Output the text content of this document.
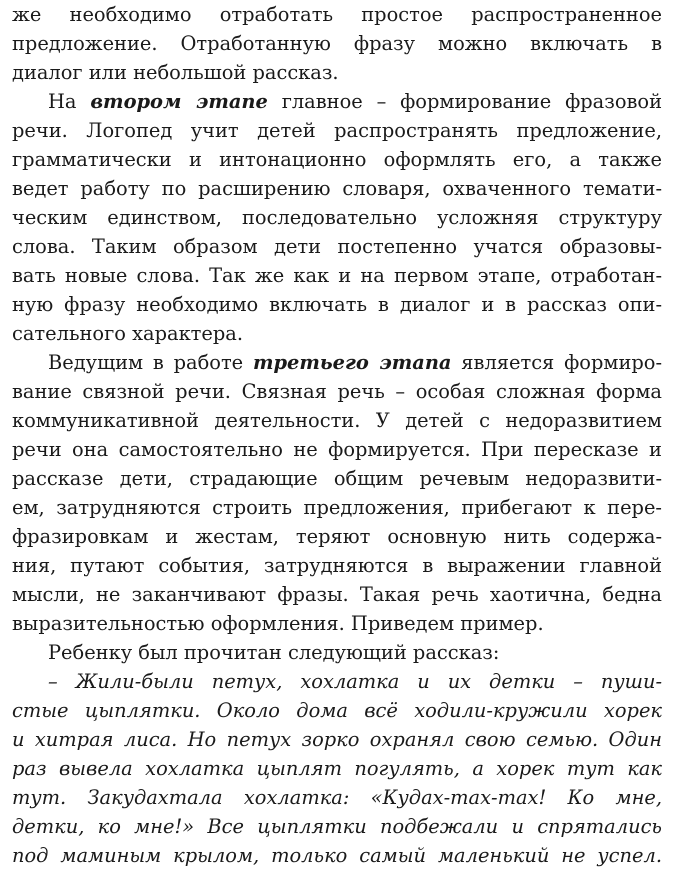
же необходимо отработать простое распространенное
предложение. Отработанную фразу можно включать в
диалог или небольшой рассказ.
На втором этапе главное – формирование фразовой
речи. Логопед учит детей распространять предложение,
грамматически и интонационно оформлять его, а также
ведет работу по расширению словаря, охваченного темати-
ческим единством, последовательно усложняя структуру
слова. Таким образом дети постепенно учатся образовы-
вать новые слова. Так же как и на первом этапе, отработан-
ную фразу необходимо включать в диалог и в рассказ опи-
сательного характера.
Ведущим в работе третьего этапа является формиро-
вание связной речи. Связная речь – особая сложная форма
коммуникативной деятельности. У детей с недоразвитием
речи она самостоятельно не формируется. При пересказе и
рассказе дети, страдающие общим речевым недоразвити-
ем, затрудняются строить предложения, прибегают к пере-
фразировкам и жестам, теряют основную нить содержа-
ния, путают события, затрудняются в выражении главной
мысли, не заканчивают фразы. Такая речь хаотична, бедна
выразительностью оформления. Приведем пример.
Ребенку был прочитан следующий рассказ:
– Жили-были петух, хохлатка и их детки – пуши-
стые цыплятки. Около дома всё ходили-кружили хорек
и хитрая лиса. Но петух зорко охранял свою семью. Один
раз вывела хохлатка цыплят погулять, а хорек тут как
тут. Закудахтала хохлатка: «Кудах-тах-тах! Ко мне,
детки, ко мне!» Все цыплятки подбежали и спрятались
под маминым крылом, только самый маленький не успел.
